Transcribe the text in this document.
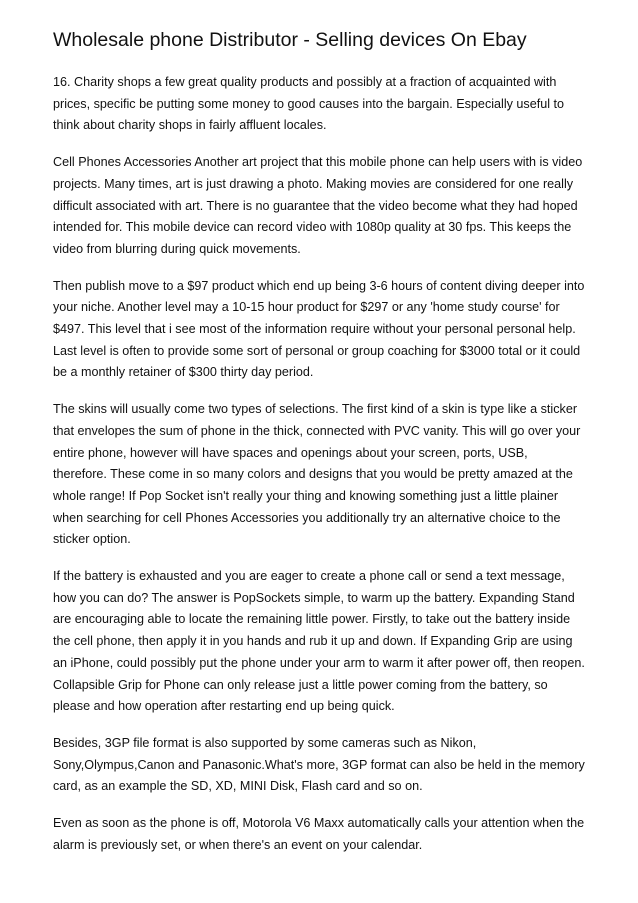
Wholesale phone Distributor - Selling devices On Ebay

16. Charity shops a few great quality products and possibly at a fraction of acquainted with prices, specific be putting some money to good causes into the bargain. Especially useful to think about charity shops in fairly affluent locales.

Cell Phones Accessories Another art project that this mobile phone can help users with is video projects. Many times, art is just drawing a photo. Making movies are considered for one really difficult associated with art. There is no guarantee that the video become what they had hoped intended for. This mobile device can record video with 1080p quality at 30 fps. This keeps the video from blurring during quick movements.

Then publish move to a $97 product which end up being 3-6 hours of content diving deeper into your niche. Another level may a 10-15 hour product for $297 or any 'home study course' for $497. This level that i see most of the information require without your personal personal help. Last level is often to provide some sort of personal or group coaching for $3000 total or it could be a monthly retainer of $300 thirty day period.

The skins will usually come two types of selections. The first kind of a skin is type like a sticker that envelopes the sum of phone in the thick, connected with PVC vanity. This will go over your entire phone, however will have spaces and openings about your screen, ports, USB, therefore. These come in so many colors and designs that you would be pretty amazed at the whole range! If Pop Socket isn't really your thing and knowing something just a little plainer when searching for cell Phones Accessories you additionally try an alternative choice to the sticker option.

If the battery is exhausted and you are eager to create a phone call or send a text message, how you can do? The answer is PopSockets simple, to warm up the battery. Expanding Stand are encouraging able to locate the remaining little power. Firstly, to take out the battery inside the cell phone, then apply it in you hands and rub it up and down. If Expanding Grip are using an iPhone, could possibly put the phone under your arm to warm it after power off, then reopen. Collapsible Grip for Phone can only release just a little power coming from the battery, so please and how operation after restarting end up being quick.

Besides, 3GP file format is also supported by some cameras such as Nikon, Sony,Olympus,Canon and Panasonic.What's more, 3GP format can also be held in the memory card, as an example the SD, XD, MINI Disk, Flash card and so on.

Even as soon as the phone is off, Motorola V6 Maxx automatically calls your attention when the alarm is previously set, or when there's an event on your calendar.
